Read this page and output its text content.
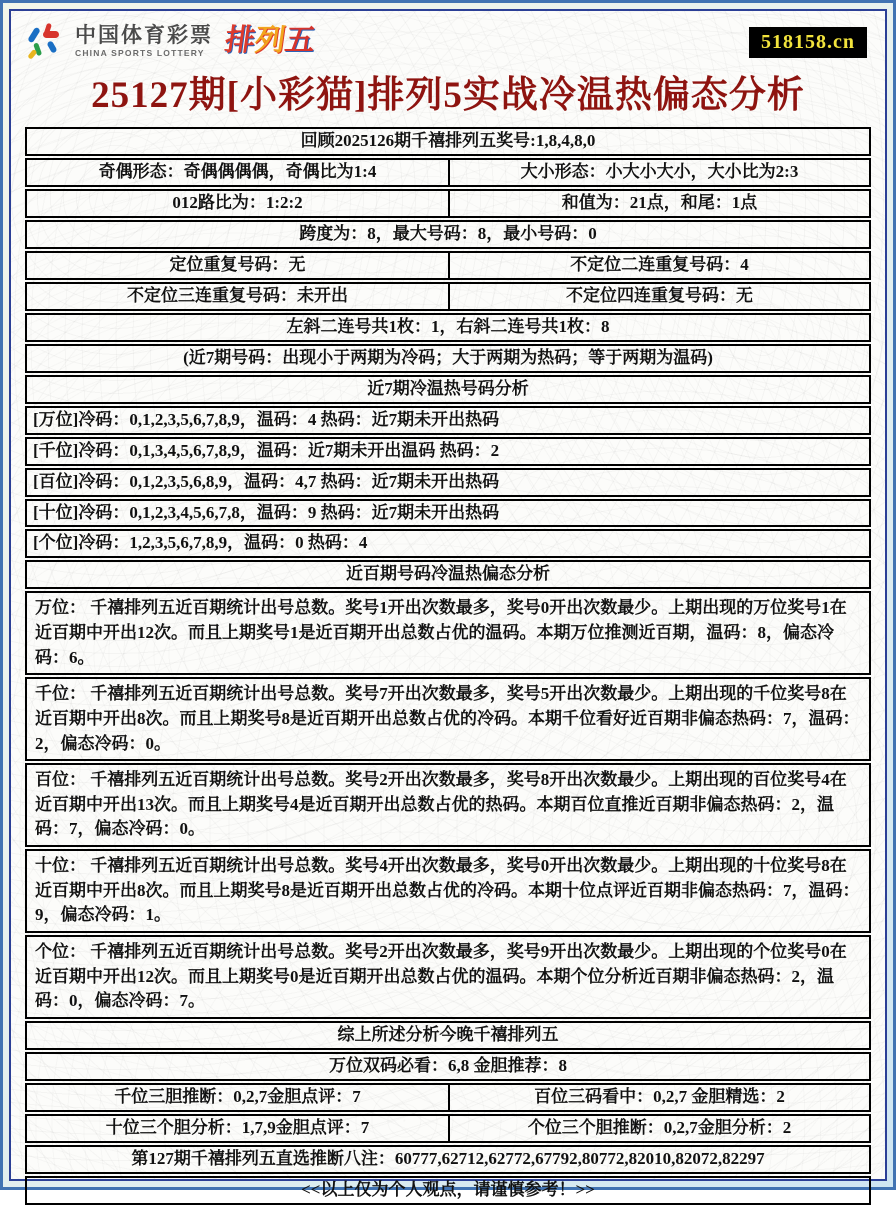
中国体育彩票
CHINA SPORTS LOTTERY 排
列
五	518158.cn
25127期[小彩猫]排列5实战冷温热偏态分析
回顾2025126期千禧排列五奖号:1,8,4,8,0
奇偶形态：奇偶偶偶偶，奇偶比为1:4	大小形态：小大小大小，大小比为2:3
012路比为：1:2:2	和值为：21点，和尾：1点
跨度为：8，最大号码：8，最小号码：0
定位重复号码：无	不定位二连重复号码：4
不定位三连重复号码：未开出	不定位四连重复号码：无
左斜二连号共1枚：1，右斜二连号共1枚：8
(近7期号码：出现小于两期为冷码；大于两期为热码；等于两期为温码)
近7期冷温热号码分析
[万位]冷码：0,1,2,3,5,6,7,8,9，温码：4 热码：近7期未开出热码
[千位]冷码：0,1,3,4,5,6,7,8,9，温码：近7期未开出温码 热码：2
[百位]冷码：0,1,2,3,5,6,8,9，温码：4,7 热码：近7期未开出热码
[十位]冷码：0,1,2,3,4,5,6,7,8，温码：9 热码：近7期未开出热码
[个位]冷码：1,2,3,5,6,7,8,9，温码：0 热码：4
近百期号码冷温热偏态分析
万位： 千禧排列五近百期统计出号总数。奖号1开出次数最多，奖号0开出次数最少。上期出现的万位奖号1在近百期中开出12次。而且上期奖号1是近百期开出总数占优的温码。本期万位推测近百期，温码：8，偏态冷码：6。
千位： 千禧排列五近百期统计出号总数。奖号7开出次数最多，奖号5开出次数最少。上期出现的千位奖号8在近百期中开出8次。而且上期奖号8是近百期开出总数占优的冷码。本期千位看好近百期非偏态热码：7，温码：2，偏态冷码：0。
百位： 千禧排列五近百期统计出号总数。奖号2开出次数最多，奖号8开出次数最少。上期出现的百位奖号4在近百期中开出13次。而且上期奖号4是近百期开出总数占优的热码。本期百位直推近百期非偏态热码：2，温码：7，偏态冷码：0。
十位： 千禧排列五近百期统计出号总数。奖号4开出次数最多，奖号0开出次数最少。上期出现的十位奖号8在近百期中开出8次。而且上期奖号8是近百期开出总数占优的冷码。本期十位点评近百期非偏态热码：7，温码：9，偏态冷码：1。
个位： 千禧排列五近百期统计出号总数。奖号2开出次数最多，奖号9开出次数最少。上期出现的个位奖号0在近百期中开出12次。而且上期奖号0是近百期开出总数占优的温码。本期个位分析近百期非偏态热码：2，温码：0，偏态冷码：7。
综上所述分析今晚千禧排列五
万位双码必看：6,8 金胆推荐：8
千位三胆推断：0,2,7金胆点评：7	百位三码看中：0,2,7 金胆精选：2
十位三个胆分析：1,7,9金胆点评：7	个位三个胆推断：0,2,7金胆分析：2
第127期千禧排列五直选推断八注：60777,62712,62772,67792,80772,82010,82072,82297
<<以上仅为个人观点，请谨慎参考！>>
